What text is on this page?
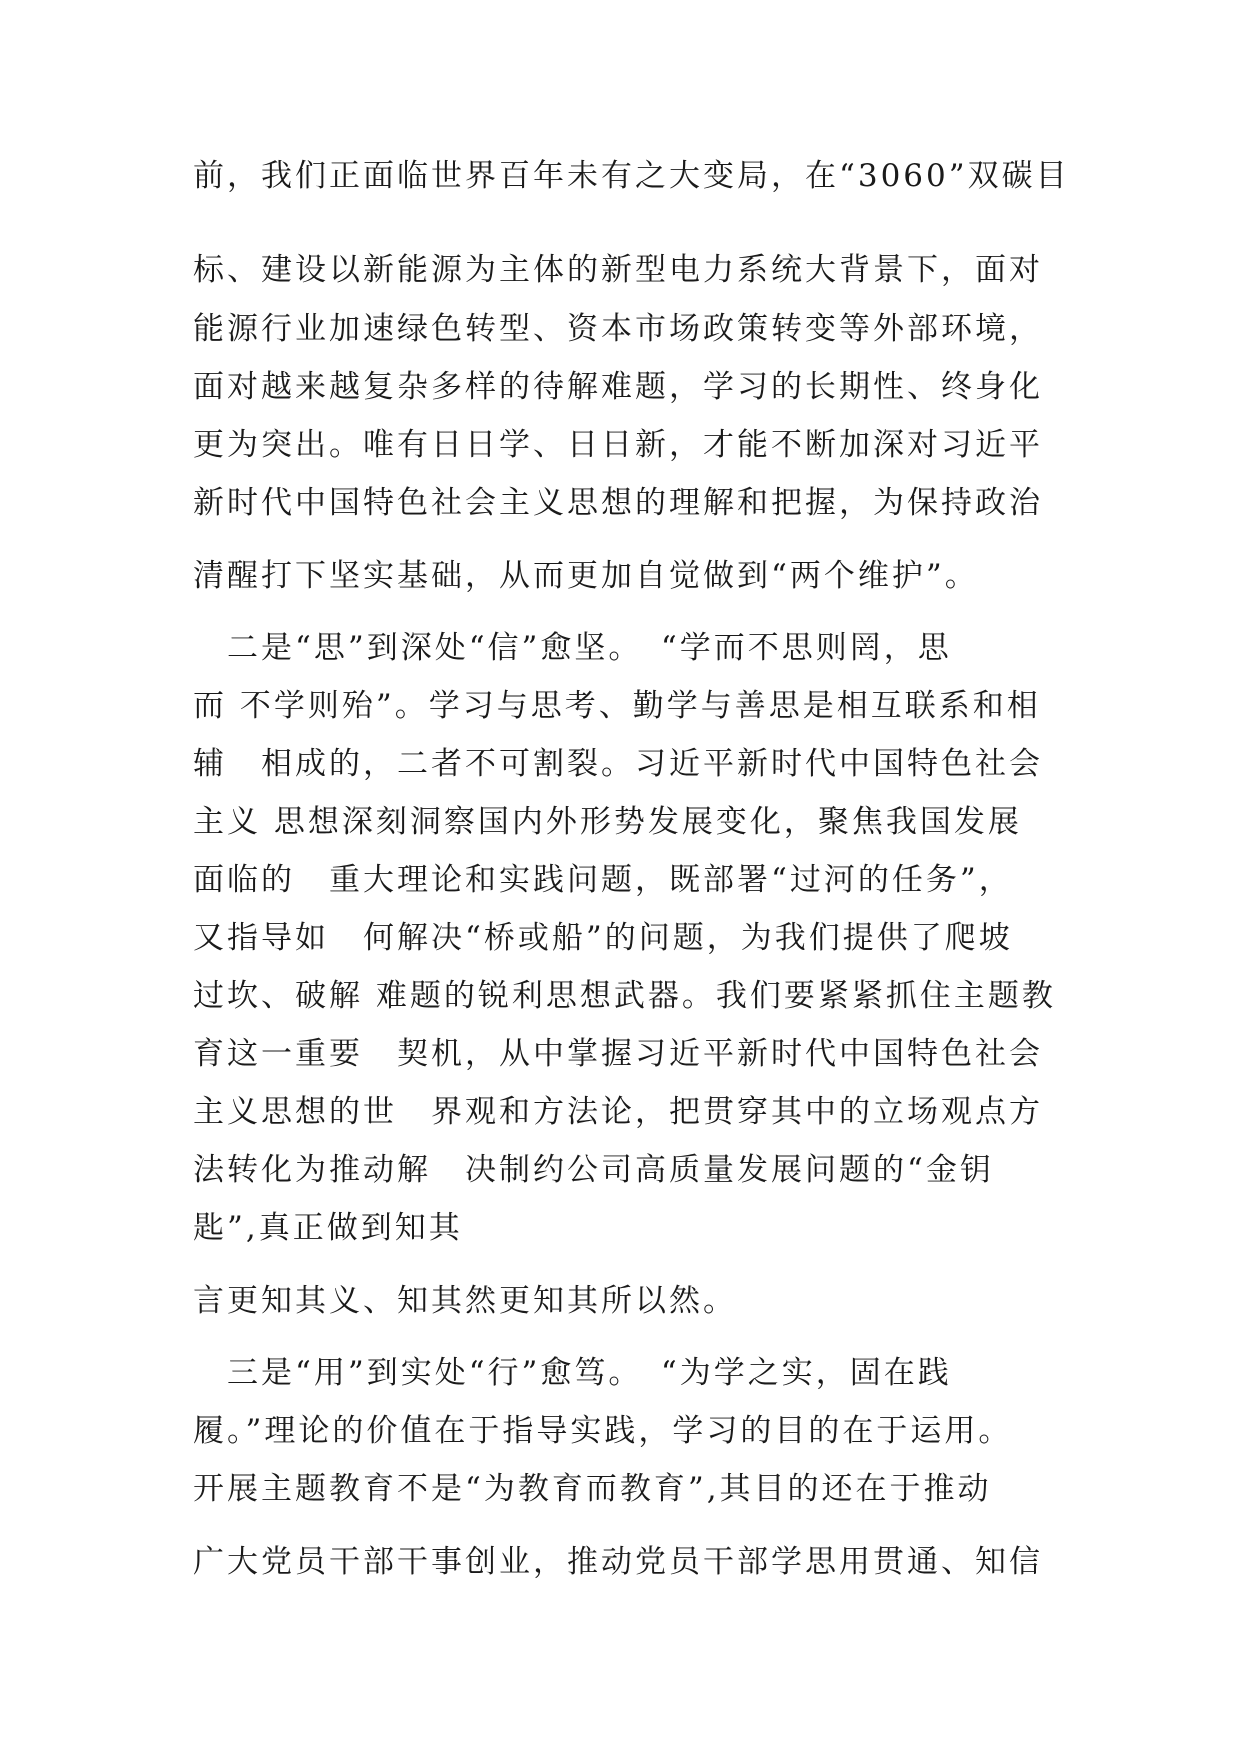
前，我们正面临世界百年未有之大变局，在“3060”双碳目
标、建设以新能源为主体的新型电力系统大背景下，面对
能源行业加速绿色转型、资本市场政策转变等外部环境，
面对越来越复杂多样的待解难题，学习的长期性、终身化
更为突出。唯有日日学、日日新，才能不断加深对习近平
新时代中国特色社会主义思想的理解和把握，为保持政治
清醒打下坚实基础，从而更加自觉做到“两个维护”。
　二是“思”到深处“信”愈坚。　“学而不思则罔，思
而 不学则殆”。学习与思考、勤学与善思是相互联系和相
辅　相成的，二者不可割裂。习近平新时代中国特色社会
主义 思想深刻洞察国内外形势发展变化，聚焦我国发展
面临的　重大理论和实践问题，既部署“过河的任务”，
又指导如　何解决“桥或船”的问题，为我们提供了爬坡
过坎、破解 难题的锐利思想武器。我们要紧紧抓住主题教
育这一重要　契机，从中掌握习近平新时代中国特色社会
主义思想的世　界观和方法论，把贯穿其中的立场观点方
法转化为推动解　决制约公司高质量发展问题的“金钥
匙”,真正做到知其
言更知其义、知其然更知其所以然。
　三是“用”到实处“行”愈笃。　“为学之实，固在践
履。”理论的价值在于指导实践，学习的目的在于运用。
开展主题教育不是“为教育而教育”,其目的还在于推动
广大党员干部干事创业，推动党员干部学思用贯通、知信
